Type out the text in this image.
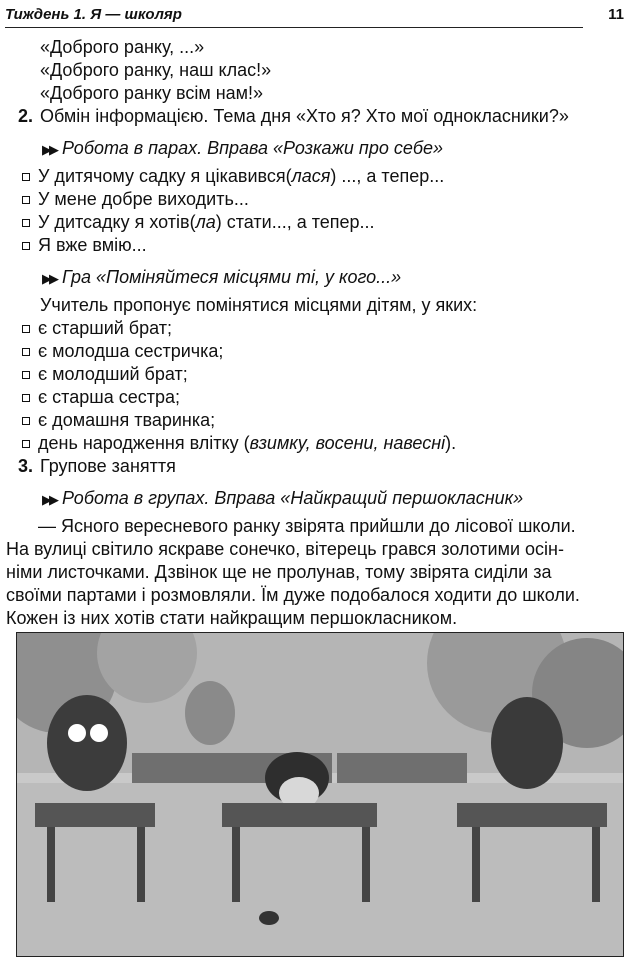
Тиждень 1. Я — школяр	11
«Доброго ранку, ...»
«Доброго ранку, наш клас!»
«Доброго ранку всім нам!»
2. Обмін інформацією. Тема дня «Хто я? Хто мої однокласники?»
▶▶ Робота в парах. Вправа «Розкажи про себе»
У дитячому садку я цікавився(лася) ..., а тепер...
У мене добре виходить...
У дитсадку я хотів(ла) стати..., а тепер...
Я вже вмію...
▶▶ Гра «Поміняйтеся місцями ті, у кого...»
Учитель пропонує помінятися місцями дітям, у яких:
є старший брат;
є молодша сестричка;
є молодший брат;
є старша сестра;
є домашня тваринка;
день народження влітку (взимку, восени, навесні).
3. Групове заняття
▶▶ Робота в групах. Вправа «Найкращий першокласник»
— Ясного вересневого ранку звірята прийшли до лісової школи.
На вулиці світило яскраве сонечко, вітерець грався золотими осін-
німи листочками. Дзвінок ще не пролунав, тому звірята сиділи за
своїми партами і розмовляли. Їм дуже подобалося ходити до школи.
Кожен із них хотів стати найкращим першокласником.
